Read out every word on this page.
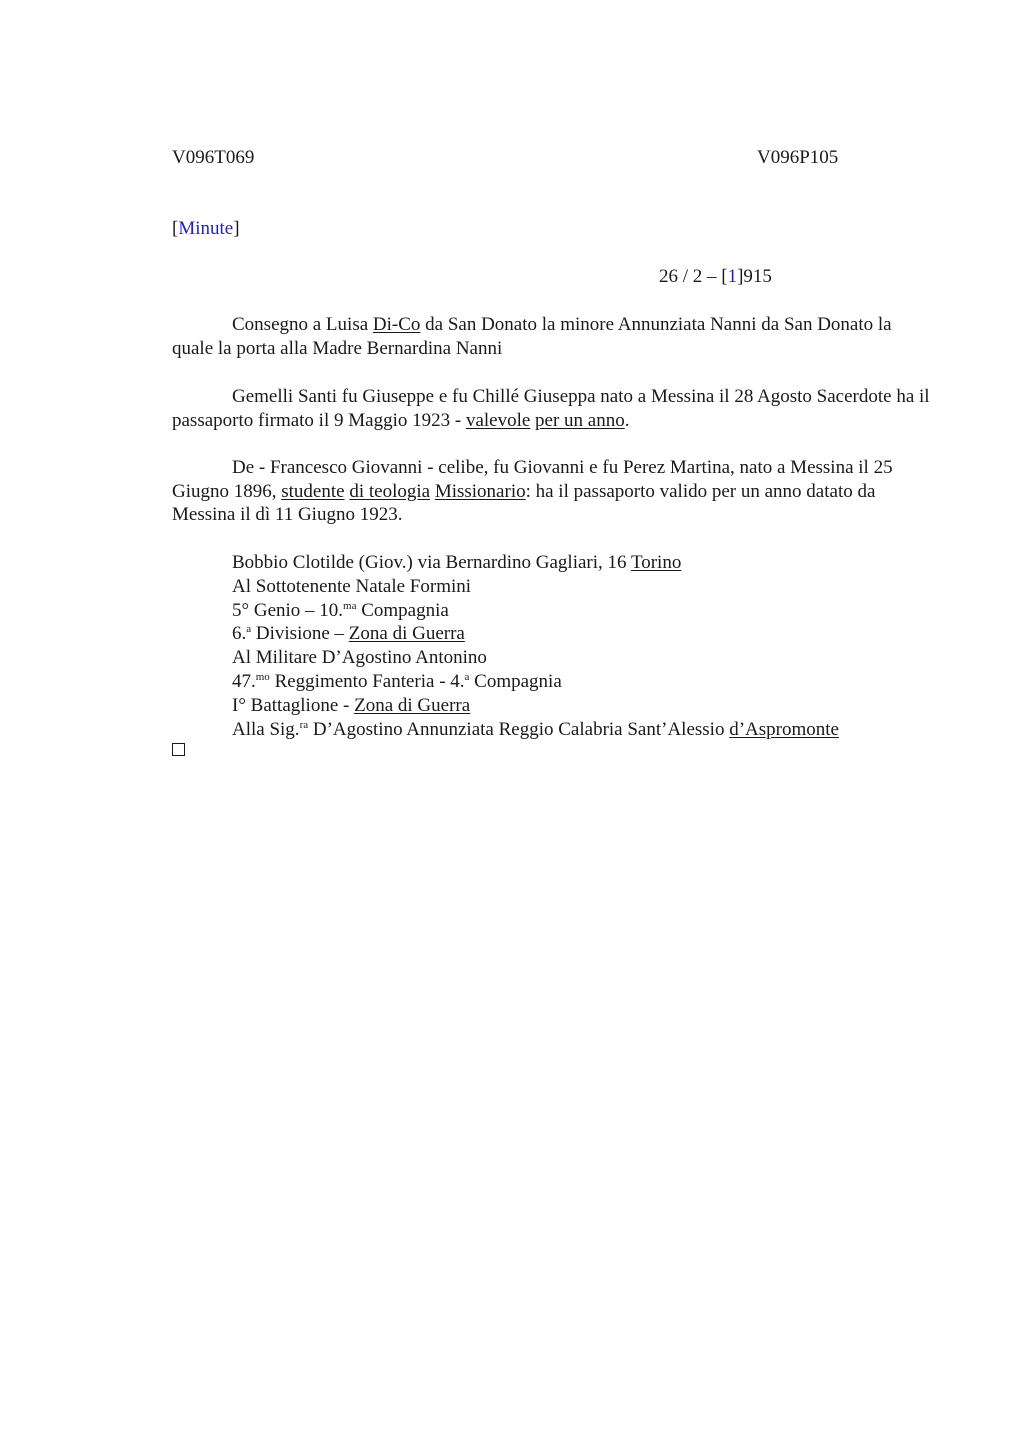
V096T069	V096P105
[Minute]
26 / 2 – [1]915
Consegno a Luisa Di-Co da San Donato la minore Annunziata Nanni da San Donato la quale la porta alla Madre Bernardina Nanni
Gemelli Santi fu Giuseppe e fu Chillé Giuseppa nato a Messina il 28 Agosto Sacerdote ha il passaporto firmato il 9 Maggio 1923 - valevole per un anno.
De - Francesco Giovanni - celibe, fu Giovanni e fu Perez Martina, nato a Messina il 25 Giugno 1896, studente di teologia Missionario: ha il passaporto valido per un anno datato da Messina il dì 11 Giugno 1923.
Bobbio Clotilde (Giov.) via Bernardino Gagliari, 16 Torino
Al Sottotenente Natale Formini
5° Genio – 10.$^{ma}$ Compagnia
6.$^a$ Divisione – Zona di Guerra
Al Militare D’Agostino Antonino
47.$^{mo}$ Reggimento Fanteria - 4.$^a$ Compagnia
I° Battaglione - Zona di Guerra
Alla Sig.$^{ra}$ D’Agostino Annunziata Reggio Calabria Sant’Alessio d’Aspromonte
